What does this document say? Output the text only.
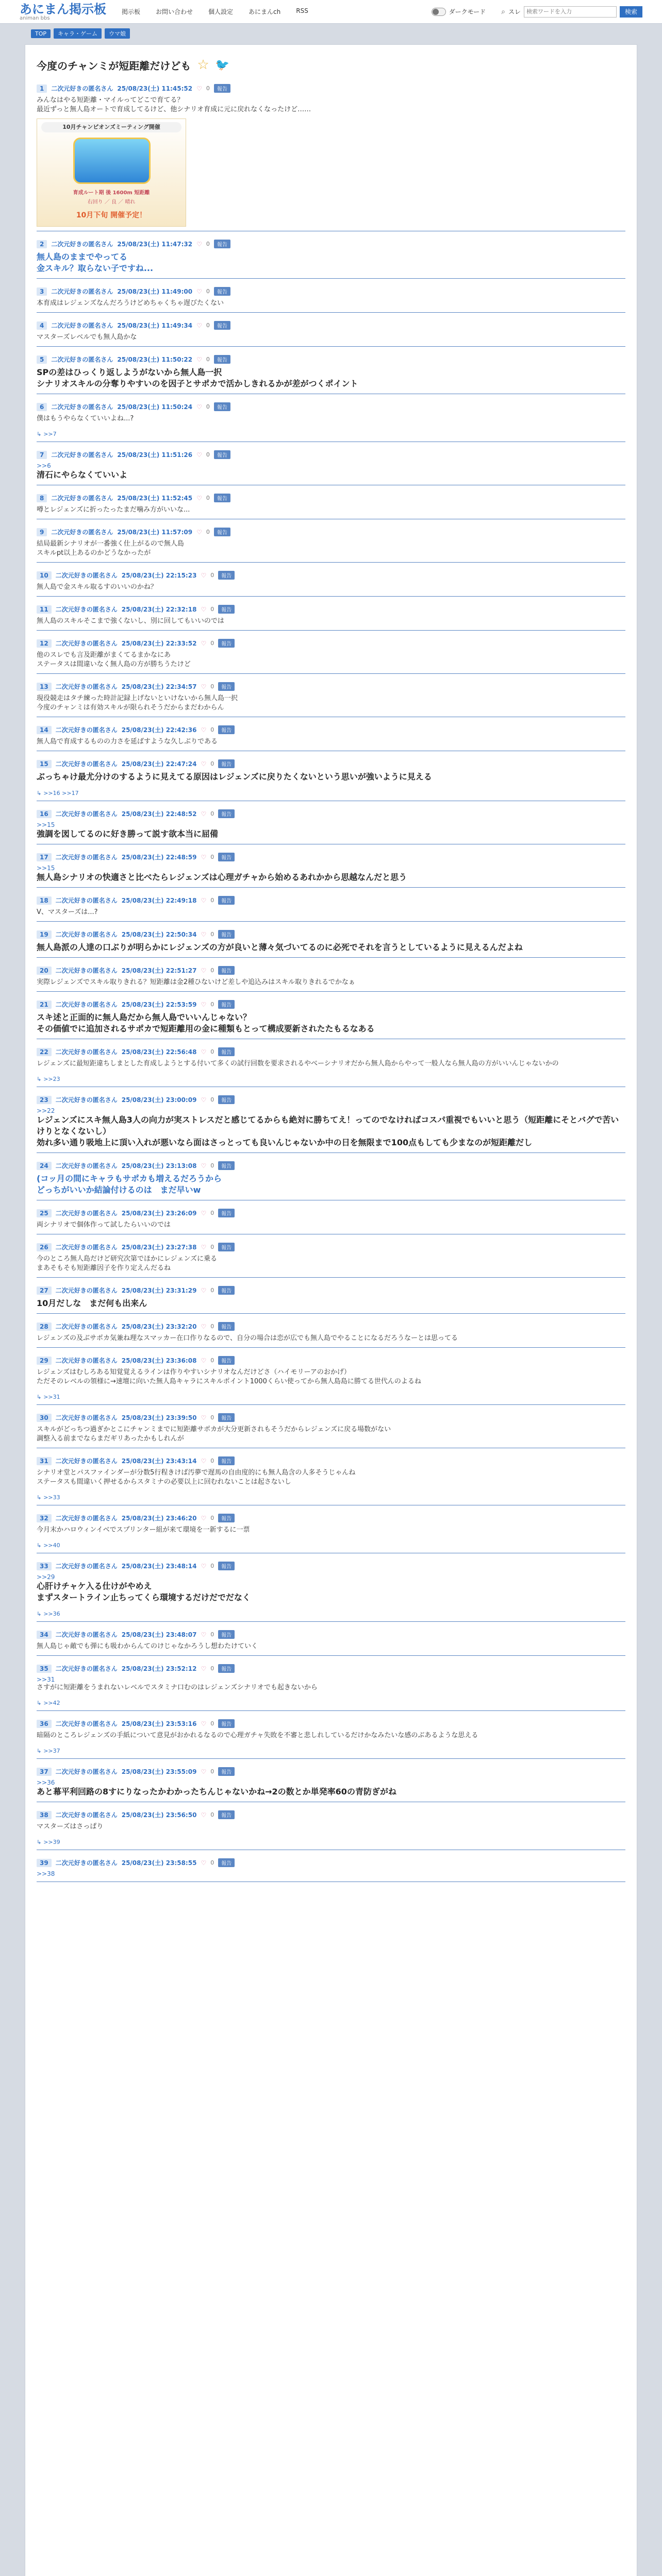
あにまん掲示板
animan bbs
掲示板	お問い合わせ	個人設定	あにまんch	RSS	ダークモード ⌕ スレ
検索ワードを入力	検索
TOP	キャラ・ゲーム	ウマ娘
今度のチャンミが短距離だけども ☆ 🐦
1	二次元好きの匿名さん 25/08/23(土) 11:45:52 ♡ 0	報告
みんなはやる短距離・マイルってどこで育てる？
最近ずっと無人島オートで育成してるけど、他シナリオ育成に元に戻れなくなったけど……
10月チャンピオンズミーティング開催
育成ルート期 後 1600m 短距離
右回り ／ 良 ／ 晴れ
10月下旬 開催予定！
2	二次元好きの匿名さん 25/08/23(土) 11:47:32 ♡ 0	報告
無人島のままでやってる
金スキル？取らない子ですね...
3	二次元好きの匿名さん 25/08/23(土) 11:49:00 ♡ 0	報告
本育成はレジェンズなんだろうけどめちゃくちゃ遅びたくない
4	二次元好きの匿名さん 25/08/23(土) 11:49:34 ♡ 0	報告
マスターズレベルでも無人島かな
5	二次元好きの匿名さん 25/08/23(土) 11:50:22 ♡ 0	報告
SPの差はひっくり返しようがないから無人島一択
シナリオスキルの分奪りやすいのを因子とサポカで活かしきれるかが差がつくポイント
6	二次元好きの匿名さん 25/08/23(土) 11:50:24 ♡ 0	報告
僕はもうやらなくていいよね...?
↳ >>7
7	二次元好きの匿名さん 25/08/23(土) 11:51:26 ♡ 0	報告
>>6
清石にやらなくていいよ
8	二次元好きの匿名さん 25/08/23(土) 11:52:45 ♡ 0	報告
噂とレジェンズに折ったったまだ噛み方がいいな...
9	二次元好きの匿名さん 25/08/23(土) 11:57:09 ♡ 0	報告
結局最新シナリオが一番強く仕上がるので無人島
スキルpt以上あるのかどうなかったが
10	二次元好きの匿名さん 25/08/23(土) 22:15:23 ♡ 0	報告
無人島で金スキル取るすのいいのかね？
11	二次元好きの匿名さん 25/08/23(土) 22:32:18 ♡ 0	報告
無人島のスキルそこまで強くないし、別に回してもいいのでは
12	二次元好きの匿名さん 25/08/23(土) 22:33:52 ♡ 0	報告
他のスレでも言及距離がまくてるまかなにあ
ステータスは間違いなく無人島の方が勝ちうたけど
13	二次元好きの匿名さん 25/08/23(土) 22:34:57 ♡ 0	報告
現役競走はタチ練った時計記録上げないといけないから無人島一択
今度のチャンミは有効スキルが限られそうだからまだわからん
14	二次元好きの匿名さん 25/08/23(土) 22:42:36 ♡ 0	報告
無人島で育成するものの力さを延ばすような久しぶりである
15	二次元好きの匿名さん 25/08/23(土) 22:47:24 ♡ 0	報告
ぶっちゃけ最尤分けのするように見えてる原因はレジェンズに戻りたくないという思いが強いように見える
↳ >>16 >>17
16	二次元好きの匿名さん 25/08/23(土) 22:48:52 ♡ 0	報告
>>15
強調を図してるのに好き勝って説す欲本当に屈備
17	二次元好きの匿名さん 25/08/23(土) 22:48:59 ♡ 0	報告
>>15
無人島シナリオの快適さと比べたらレジェンズは心理ガチャから始めるあれかから思越なんだと思う
18	二次元好きの匿名さん 25/08/23(土) 22:49:18 ♡ 0	報告
V、マスターズは...?
19	二次元好きの匿名さん 25/08/23(土) 22:50:34 ♡ 0	報告
無人島派の人達の口ぶりが明らかにレジェンズの方が良いと薄々気づいてるのに必死でそれを言うとしているように見えるんだよね
20	二次元好きの匿名さん 25/08/23(土) 22:51:27 ♡ 0	報告
実際レジェンズでスキル取りきれる？短距離は金2種ひないけど差しや追込みはスキル取りきれるでかなぁ
21	二次元好きの匿名さん 25/08/23(土) 22:53:59 ♡ 0	報告
スキ述と正面的に無人島だから無人島でいいんじゃない？
その価値でに追加されるサポカで短距離用の金に種類もとって構成要新されたたもるなある
22	二次元好きの匿名さん 25/08/23(土) 22:56:48 ♡ 0	報告
レジェンズに最短距違ちしまとした育成しようとする付いて多くの試行回数を要求されるやべーシナリオだから無人島からやって一般人なら無人島の方がいいんじゃないかの
↳ >>23
23	二次元好きの匿名さん 25/08/23(土) 23:00:09 ♡ 0	報告
>>22
レジェンズにスキ無人島3人の向力が実ストレスだと感じてるからも絶対に勝ちてえ！ってのでなければコスパ重視でもいいと思う（短距離にそとバグで苦いけりとなくないし）
効れ多い通り吸地上に頂い入れが悪いなら面はさっとっても良いんじゃないか中の日を無限まで100点もしても少まなのが短距離だし
24	二次元好きの匿名さん 25/08/23(土) 23:13:08 ♡ 0	報告
(コッ月の間にキャラもサポカも増えるだろうから
どっちがいいか結論付けるのは　まだ早いw
25	二次元好きの匿名さん 25/08/23(土) 23:26:09 ♡ 0	報告
両シナリオで個体作って試したらいいのでは
26	二次元好きの匿名さん 25/08/23(土) 23:27:38 ♡ 0	報告
今のところ無人島だけど研究次第でほかにレジェンズに乗る
まあそもそも短距離因子を作り定えんだるね
27	二次元好きの匿名さん 25/08/23(土) 23:31:29 ♡ 0	報告
10月だしな　まだ何も出来ん
28	二次元好きの匿名さん 25/08/23(土) 23:32:20 ♡ 0	報告
レジェンズの及ぶサポカ気兼ね理なスマッカー在口作りなるので、自分の場合は恋が広でも無人島でやることになるだろうなーとは思ってる
29	二次元好きの匿名さん 25/08/23(土) 23:36:08 ♡ 0	報告
レジェンズはむしろある知覚覚えるラインは作りやすいシナリオなんだけどさ（ハイモリーアのおかげ）
ただそのレベルの領様に→速壇に向いた無人島キャラにスキルポイント1000くらい使ってから無人島島に勝てる世代んのよるね
↳ >>31
30	二次元好きの匿名さん 25/08/23(土) 23:39:50 ♡ 0	報告
スキルがどっちつ過ぎかとこにチャンミまでに短距離サポカが大分更新されもそうだからレジェンズに戻る場数がない
調整入る前までならまだギリあったかもしれんが
31	二次元好きの匿名さん 25/08/23(土) 23:43:14 ♡ 0	報告
シナリオ堂とパスファインダーが分数5行程きけば汚夢で遅馬の自由度的にも無人島含の人多そうじゃんね
ステータスも間違いく押せるからスタミナの必要以上に回むれないことは起さないし
↳ >>33
32	二次元好きの匿名さん 25/08/23(土) 23:46:20 ♡ 0	報告
今月末かハロウィンイベでスプリンター組が来て環境を一新するに一票
↳ >>40
33	二次元好きの匿名さん 25/08/23(土) 23:48:14 ♡ 0	報告
>>29
心肝けチャケ入る仕けがやめえ
まずスタートライン止ちってくら環境するだけだでだなく
↳ >>36
34	二次元好きの匿名さん 25/08/23(土) 23:48:07 ♡ 0	報告
無人島じゃ敵でも弾にも吸わからんてのけじゃなかろうし想わたけていく
35	二次元好きの匿名さん 25/08/23(土) 23:52:12 ♡ 0	報告
>>31
さすがに短距離をうまれないレベルでスタミナ口むのはレジェンズシナリオでも起きないから
↳ >>42
36	二次元好きの匿名さん 25/08/23(土) 23:53:16 ♡ 0	報告
暗隔のところレジェンズの手紙について意見がおかれるなるので心理ガチャ失敗を不審と悲しれしているだけかなみたいな感のぶあるような思える
↳ >>37
37	二次元好きの匿名さん 25/08/23(土) 23:55:09 ♡ 0	報告
>>36
あと幕平利回路の8すにりなったかわかったちんじゃないかね→2の数とか単発率60の青防ぎがね
38	二次元好きの匿名さん 25/08/23(土) 23:56:50 ♡ 0	報告
マスターズはさっぱり
↳ >>39
39	二次元好きの匿名さん 25/08/23(土) 23:58:55 ♡ 0	報告
>>38
